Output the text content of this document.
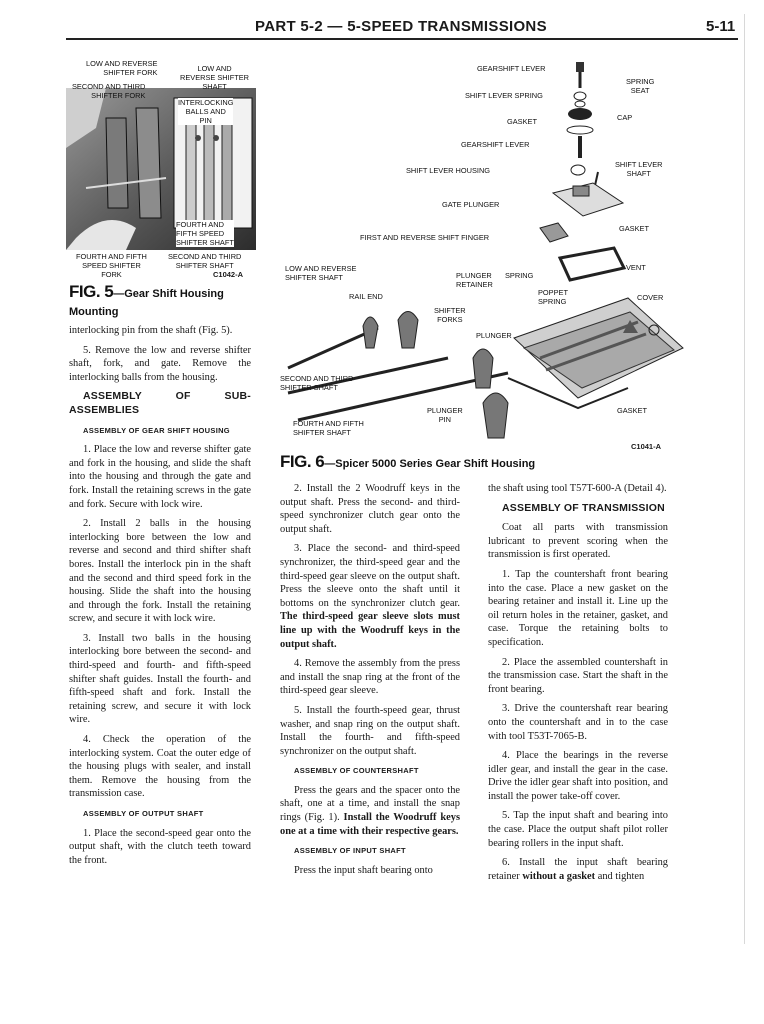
PART 5-2 — 5-SPEED TRANSMISSIONS	5-11
LOW AND REVERSE
SHIFTER FORK	LOW AND
REVERSE SHIFTER
SHAFT
SECOND AND THIRD
SHIFTER FORK
INTERLOCKING
BALLS AND
PIN
FOURTH AND
FIFTH SPEED
SHIFTER SHAFT
FOURTH AND FIFTH
SPEED SHIFTER
FORK
SECOND AND THIRD
SHIFTER SHAFT
C1042-A
FIG. 5—Gear Shift Housing
Mounting

interlocking pin from the shaft (Fig. 5).

5. Remove the low and reverse shifter shaft, fork, and gate. Remove the interlocking balls from the housing.

ASSEMBLY OF SUB-ASSEMBLIES

ASSEMBLY OF GEAR SHIFT HOUSING

1. Place the low and reverse shifter gate and fork in the housing, and slide the shaft into the housing and through the gate and fork. Install the retaining screws in the gate and fork. Secure with lock wire.

2. Install 2 balls in the housing interlocking bore between the low and reverse and second and third shifter shaft bores. Install the interlock pin in the shaft and the second and third speed fork in the housing. Slide the shaft into the housing and through the fork. Install the retaining screw, and secure it with lock wire.

3. Install two balls in the housing interlocking bore between the second- and third-speed and fourth- and fifth-speed shifter shaft guides. Install the fourth- and fifth-speed shaft and fork. Install the retaining screw, and secure it with lock wire.

4. Check the operation of the interlocking system. Coat the outer edge of the housing plugs with sealer, and install them. Remove the housing from the transmission case.

ASSEMBLY OF OUTPUT SHAFT

1. Place the second-speed gear onto the output shaft, with the clutch teeth toward the front.

GEARSHIFT LEVER
SPRING
SEAT
SHIFT LEVER SPRING
GASKET	CAP
GEARSHIFT LEVER
SHIFT LEVER HOUSING
SHIFT LEVER
SHAFT
GATE PLUNGER
GASKET
FIRST AND REVERSE SHIFT FINGER
LOW AND REVERSE
SHIFTER SHAFT	PLUNGER
RETAINER
SPRING
VENT
RAIL END	POPPET
SPRING	COVER
SHIFTER
FORKS
PLUNGER
SECOND AND THIRD
SHIFTER SHAFT
PLUNGER
PIN
GASKET
FOURTH AND FIFTH
SHIFTER SHAFT
C1041-A
FIG. 6—Spicer 5000 Series Gear Shift Housing

2. Install the 2 Woodruff keys in the output shaft. Press the second- and third-speed synchronizer clutch gear onto the output shaft.

3. Place the second- and third-speed synchronizer, the third-speed gear and the third-speed gear sleeve on the output shaft. Press the sleeve onto the shaft until it bottoms on the synchronizer clutch gear. The third-speed gear sleeve slots must line up with the Woodruff keys in the output shaft.

4. Remove the assembly from the press and install the snap ring at the front of the third-speed gear sleeve.

5. Install the fourth-speed gear, thrust washer, and snap ring on the output shaft. Install the fourth- and fifth-speed synchronizer on the output shaft.

ASSEMBLY OF COUNTERSHAFT

Press the gears and the spacer onto the shaft, one at a time, and install the snap rings (Fig. 1). Install the Woodruff keys one at a time with their respective gears.

ASSEMBLY OF INPUT SHAFT

Press the input shaft bearing onto

the shaft using tool T57T-600-A (Detail 4).

ASSEMBLY OF TRANSMISSION

Coat all parts with transmission lubricant to prevent scoring when the transmission is first operated.

1. Tap the countershaft front bearing into the case. Place a new gasket on the bearing retainer and install it. Line up the oil return holes in the retainer, gasket, and case. Torque the retaining bolts to specification.

2. Place the assembled countershaft in the transmission case. Start the shaft in the front bearing.

3. Drive the countershaft rear bearing onto the countershaft and in to the case with tool T53T-7065-B.

4. Place the bearings in the reverse idler gear, and install the gear in the case. Drive the idler gear shaft into position, and install the power take-off cover.

5. Tap the input shaft and bearing into the case. Place the output shaft pilot roller bearing rollers in the input shaft.

6. Install the input shaft bearing retainer without a gasket and tighten
